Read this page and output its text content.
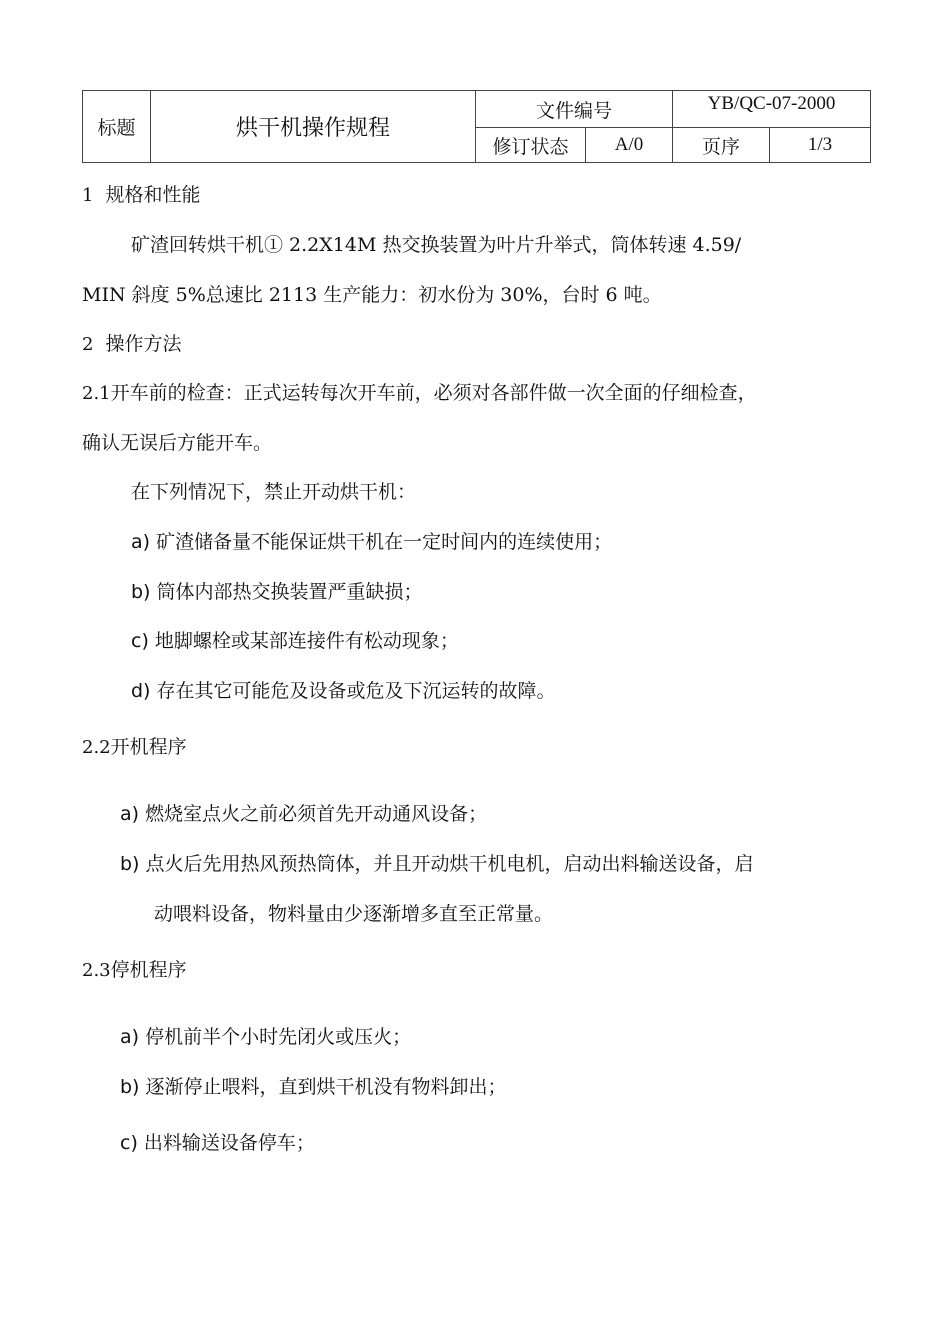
标题	烘干机操作规程	文件编号		YB/QC-07-2000	
		修订状态	A/0	页序	1/3
1 规格和性能
矿渣回转烘干机① 2.2X14M 热交换装置为叶片升举式，筒体转速 4.59/
MIN 斜度 5%总速比 2113 生产能力：初水份为 30%，台时 6 吨。
2 操作方法
2.1开车前的检查：正式运转每次开车前，必须对各部件做一次全面的仔细检查，
确认无误后方能开车。
在下列情况下，禁止开动烘干机：
a) 矿渣储备量不能保证烘干机在一定时间内的连续使用；
b) 筒体内部热交换装置严重缺损；
c) 地脚螺栓或某部连接件有松动现象；
d) 存在其它可能危及设备或危及下沉运转的故障。
2.2开机程序
a) 燃烧室点火之前必须首先开动通风设备；
b) 点火后先用热风预热筒体，并且开动烘干机电机，启动出料输送设备，启
动喂料设备，物料量由少逐渐增多直至正常量。
2.3停机程序
a) 停机前半个小时先闭火或压火；
b) 逐渐停止喂料，直到烘干机没有物料卸出；
c) 出料输送设备停车；
